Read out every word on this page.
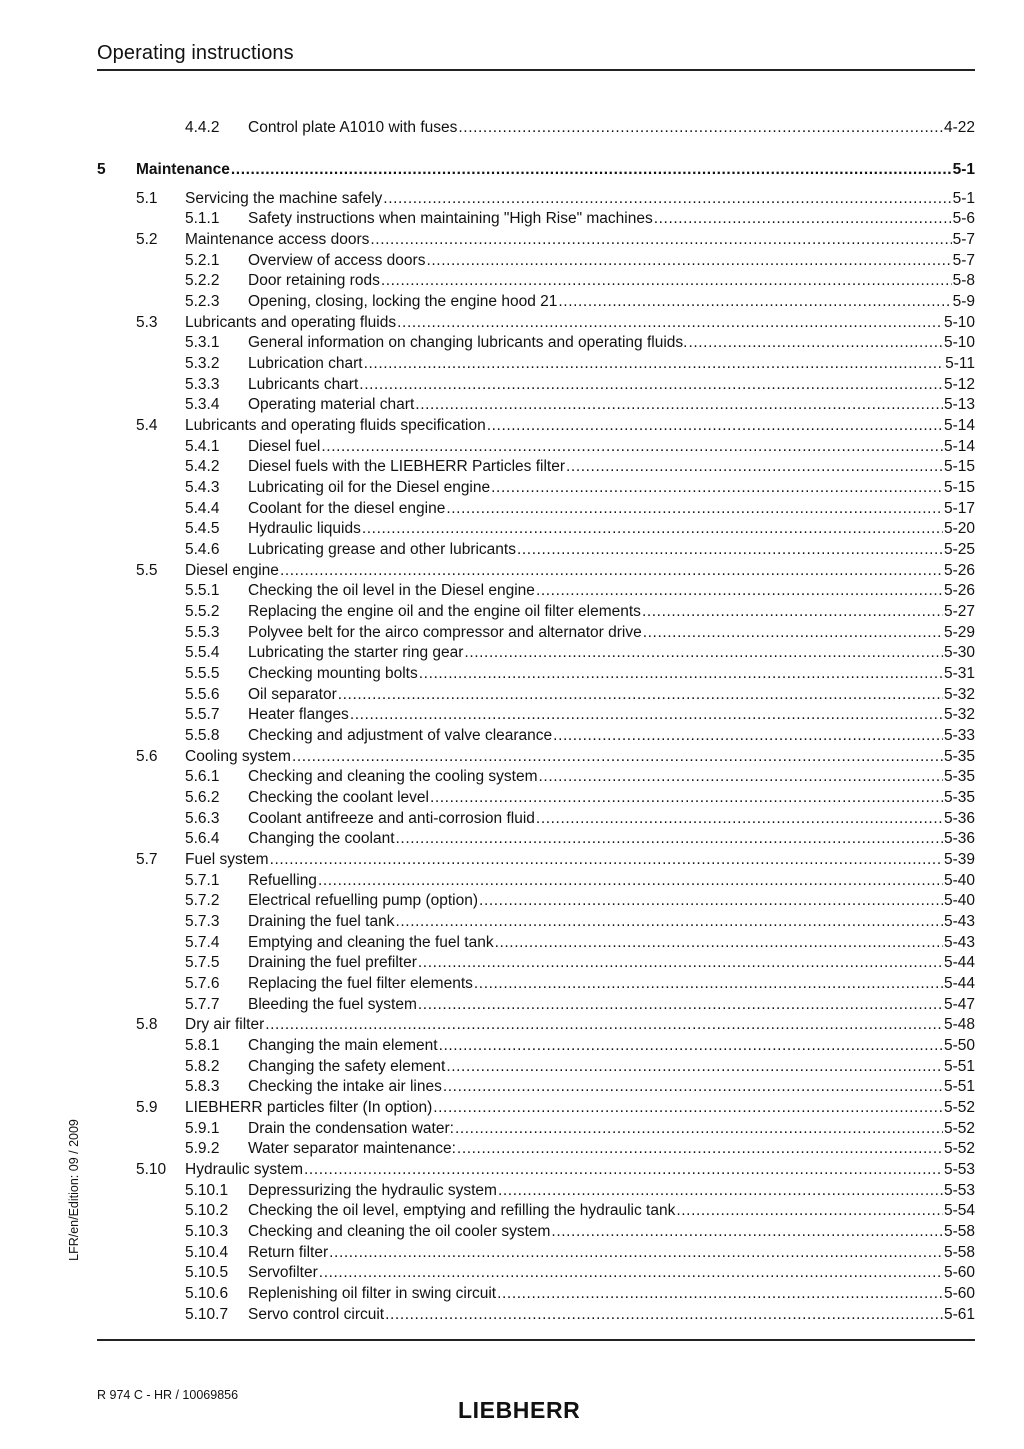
Operating instructions
4.4.2 Control plate A1010 with fuses .....	4-22
5 Maintenance .....	5-1
5.1 Servicing the machine safely .....	5-1
5.1.1 Safety instructions when maintaining "High Rise" machines .....	5-6
5.2 Maintenance access doors .....	5-7
5.2.1 Overview of access doors .....	5-7
5.2.2 Door retaining rods .....	5-8
5.2.3 Opening, closing, locking the engine hood 21 .....	5-9
5.3 Lubricants and operating fluids .....	5-10
5.3.1 General information on changing lubricants and operating fluids. .....	5-10
5.3.2 Lubrication chart .....	5-11
5.3.3 Lubricants chart .....	5-12
5.3.4 Operating material chart .....	5-13
5.4 Lubricants and operating fluids specification .....	5-14
5.4.1 Diesel fuel .....	5-14
5.4.2 Diesel fuels with the LIEBHERR Particles filter .....	5-15
5.4.3 Lubricating oil for the Diesel engine .....	5-15
5.4.4 Coolant for the diesel engine .....	5-17
5.4.5 Hydraulic liquids .....	5-20
5.4.6 Lubricating grease and other lubricants .....	5-25
5.5 Diesel engine .....	5-26
5.5.1 Checking the oil level in the Diesel engine .....	5-26
5.5.2 Replacing the engine oil and the engine oil filter elements .....	5-27
5.5.3 Polyvee belt for the airco compressor and alternator drive .....	5-29
5.5.4 Lubricating the starter ring gear .....	5-30
5.5.5 Checking mounting bolts .....	5-31
5.5.6 Oil separator .....	5-32
5.5.7 Heater flanges .....	5-32
5.5.8 Checking and adjustment of valve clearance .....	5-33
5.6 Cooling system .....	5-35
5.6.1 Checking and cleaning the cooling system .....	5-35
5.6.2 Checking the coolant level .....	5-35
5.6.3 Coolant antifreeze and anti-corrosion fluid .....	5-36
5.6.4 Changing the coolant .....	5-36
5.7 Fuel system .....	5-39
5.7.1 Refuelling .....	5-40
5.7.2 Electrical refuelling pump (option) .....	5-40
5.7.3 Draining the fuel tank .....	5-43
5.7.4 Emptying and cleaning the fuel tank .....	5-43
5.7.5 Draining the fuel prefilter .....	5-44
5.7.6 Replacing the fuel filter elements .....	5-44
5.7.7 Bleeding the fuel system .....	5-47
5.8 Dry air filter .....	5-48
5.8.1 Changing the main element .....	5-50
5.8.2 Changing the safety element .....	5-51
5.8.3 Checking the intake air lines .....	5-51
5.9 LIEBHERR particles filter (In option) .....	5-52
5.9.1 Drain the condensation water: .....	5-52
5.9.2 Water separator maintenance: .....	5-52
5.10 Hydraulic system .....	5-53
5.10.1 Depressurizing the hydraulic system .....	5-53
5.10.2 Checking the oil level, emptying and refilling the hydraulic tank .....	5-54
5.10.3 Checking and cleaning the oil cooler system .....	5-58
5.10.4 Return filter .....	5-58
5.10.5 Servofilter .....	5-60
5.10.6 Replenishing oil filter in swing circuit .....	5-60
5.10.7 Servo control circuit .....	5-61
LFR/en/Edition: 09 / 2009
R 974 C - HR / 10069856
LIEBHERR
